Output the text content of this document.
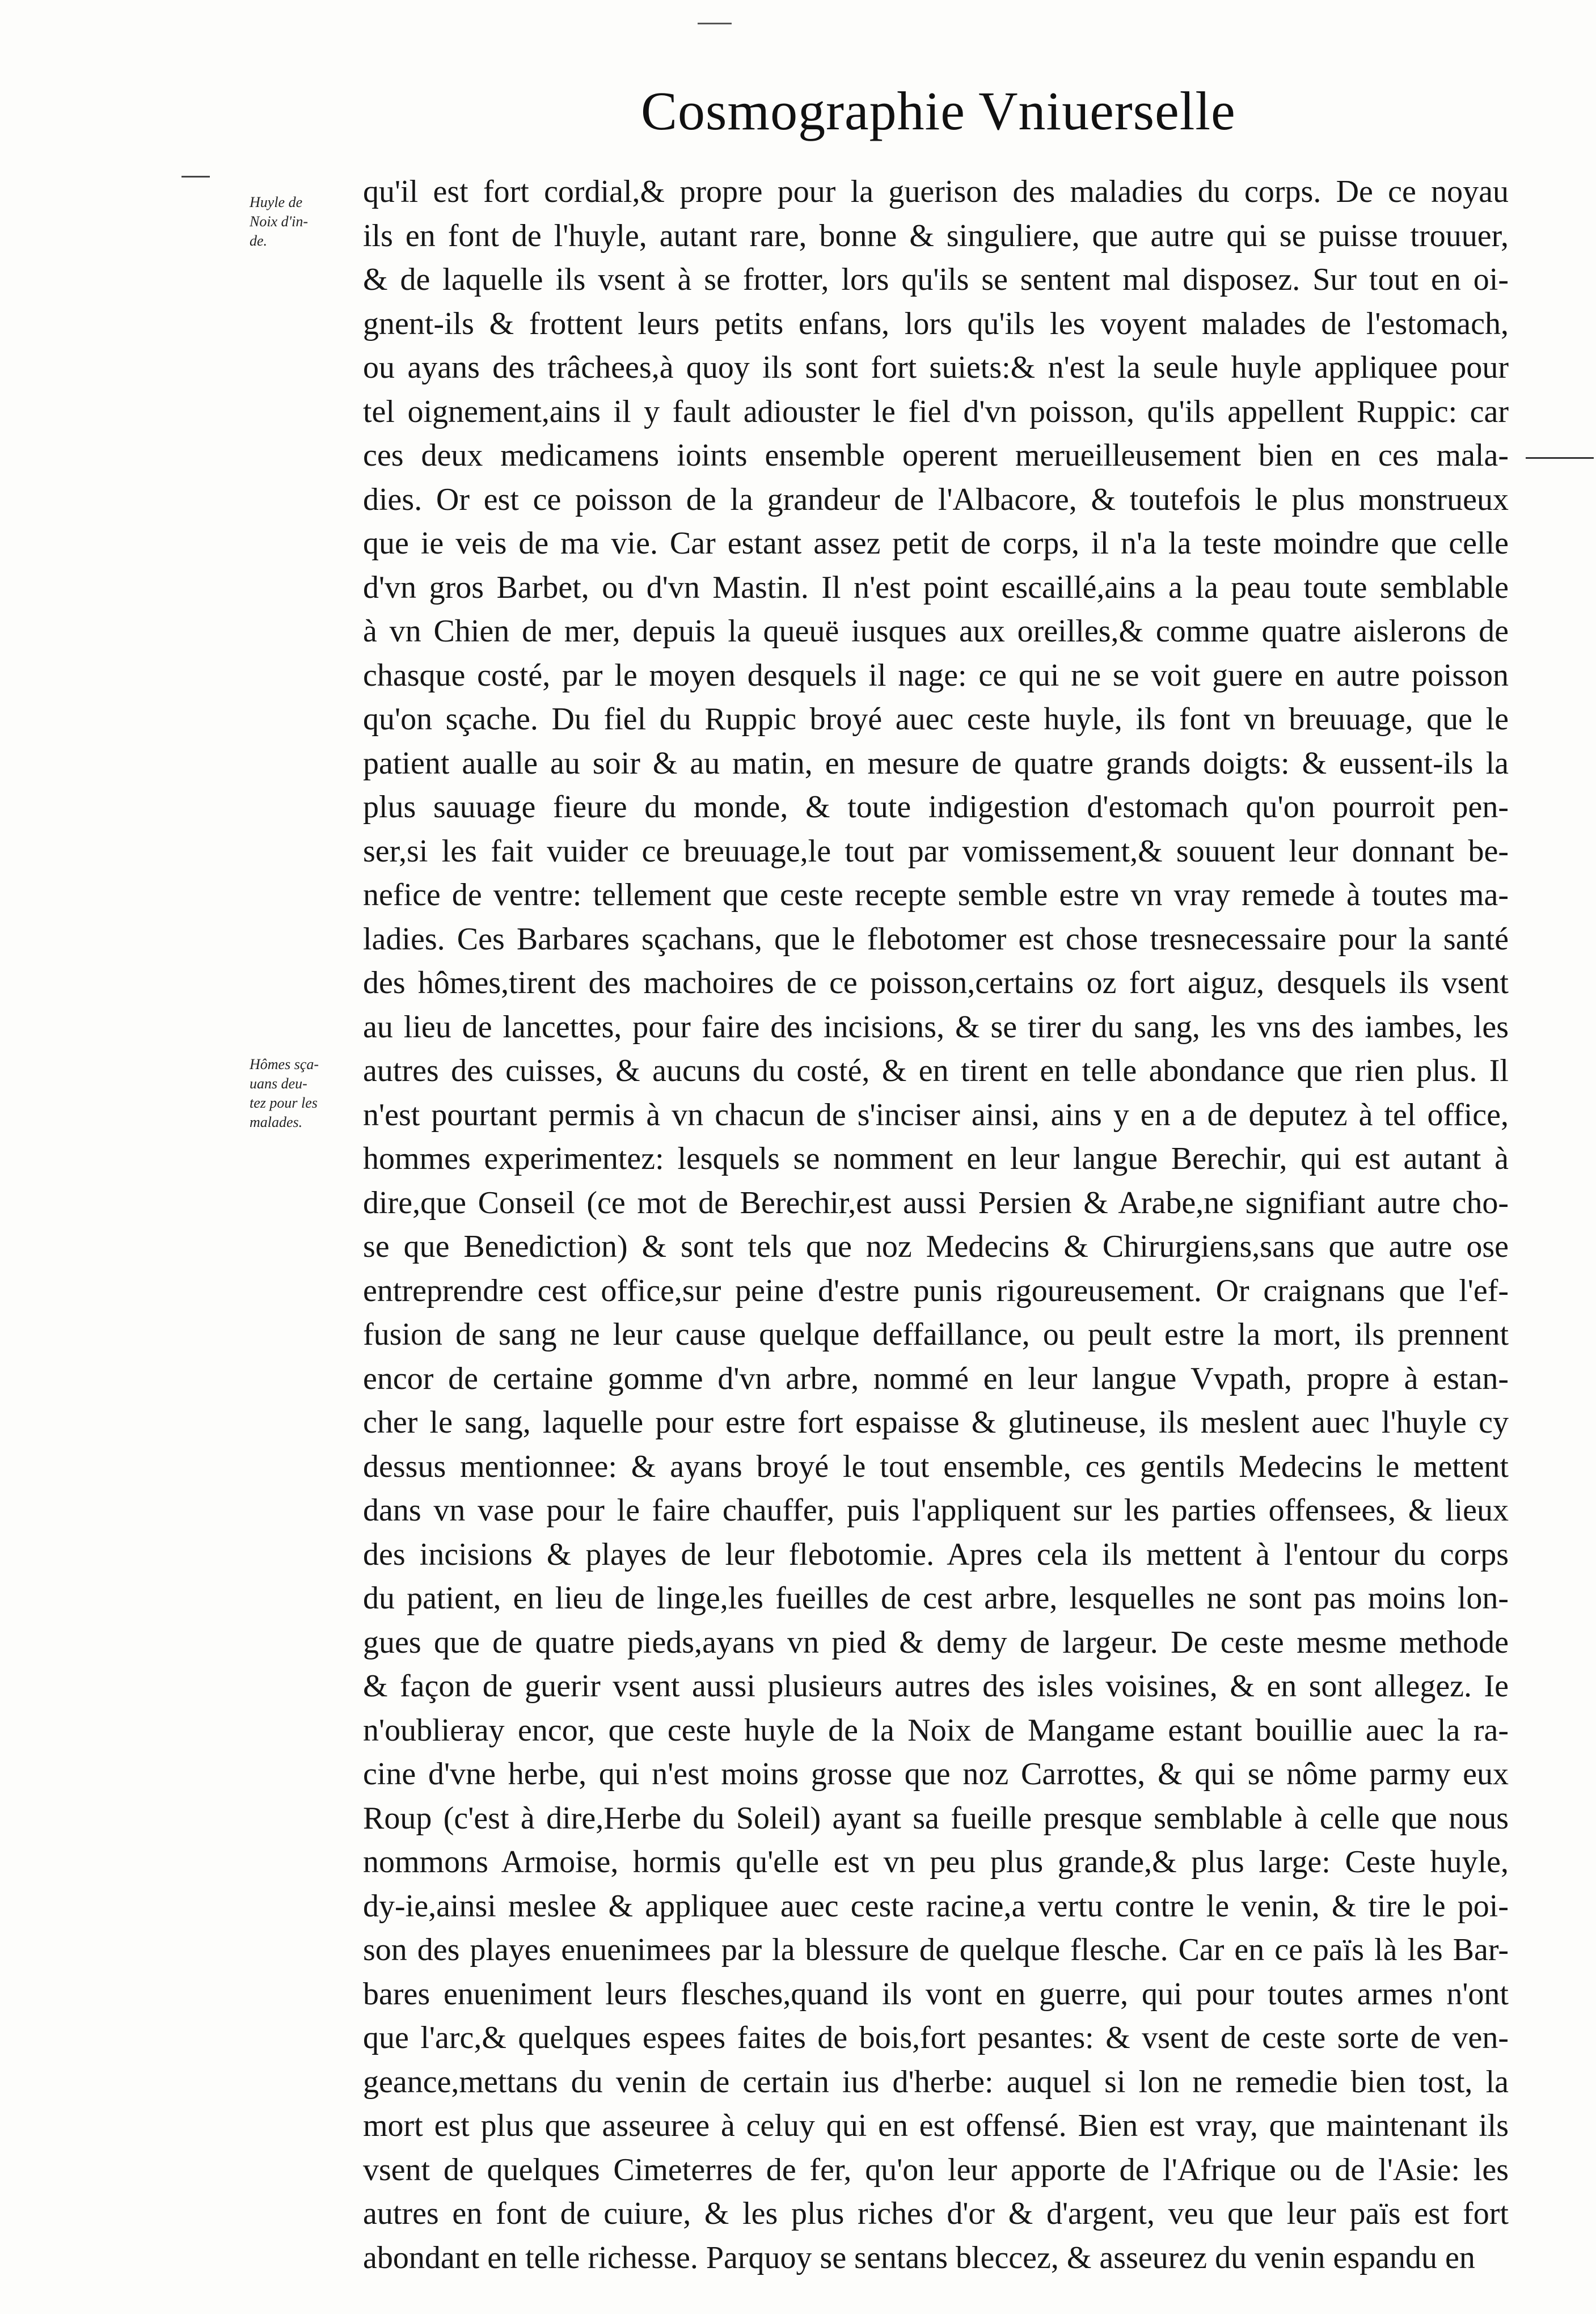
Cosmographie Vniuerselle
Huyle de
Noix d'in-
de.
Hômes sça-
uans deu-
tez pour les
malades.
qu'il est fort cordial,& propre pour la guerison des maladies du corps. De ce noyau
ils en font de l'huyle, autant rare, bonne & singuliere, que autre qui se puisse trouuer,
& de laquelle ils vsent à se frotter, lors qu'ils se sentent mal disposez. Sur tout en oi-
gnent-ils & frottent leurs petits enfans, lors qu'ils les voyent malades de l'estomach,
ou ayans des trâchees,à quoy ils sont fort suiets:& n'est la seule huyle appliquee pour
tel oignement,ains il y fault adiouster le fiel d'vn poisson, qu'ils appellent Ruppic: car
ces deux medicamens ioints ensemble operent merueilleusement bien en ces mala-
dies. Or est ce poisson de la grandeur de l'Albacore, & toutefois le plus monstrueux
que ie veis de ma vie. Car estant assez petit de corps, il n'a la teste moindre que celle
d'vn gros Barbet, ou d'vn Mastin. Il n'est point escaillé,ains a la peau toute semblable
à vn Chien de mer, depuis la queuë iusques aux oreilles,& comme quatre aislerons de
chasque costé, par le moyen desquels il nage: ce qui ne se voit guere en autre poisson
qu'on sçache. Du fiel du Ruppic broyé auec ceste huyle, ils font vn breuuage, que le
patient aualle au soir & au matin, en mesure de quatre grands doigts: & eussent-ils la
plus sauuage fieure du monde, & toute indigestion d'estomach qu'on pourroit pen-
ser,si les fait vuider ce breuuage,le tout par vomissement,& souuent leur donnant be-
nefice de ventre: tellement que ceste recepte semble estre vn vray remede à toutes ma-
ladies. Ces Barbares sçachans, que le flebotomer est chose tresnecessaire pour la santé
des hômes,tirent des machoires de ce poisson,certains oz fort aiguz, desquels ils vsent
au lieu de lancettes, pour faire des incisions, & se tirer du sang, les vns des iambes, les
autres des cuisses, & aucuns du costé, & en tirent en telle abondance que rien plus. Il
n'est pourtant permis à vn chacun de s'inciser ainsi, ains y en a de deputez à tel office,
hommes experimentez: lesquels se nomment en leur langue Berechir, qui est autant à
dire,que Conseil (ce mot de Berechir,est aussi Persien & Arabe,ne signifiant autre cho-
se que Benediction) & sont tels que noz Medecins & Chirurgiens,sans que autre ose
entreprendre cest office,sur peine d'estre punis rigoureusement. Or craignans que l'ef-
fusion de sang ne leur cause quelque deffaillance, ou peult estre la mort, ils prennent
encor de certaine gomme d'vn arbre, nommé en leur langue Vvpath, propre à estan-
cher le sang, laquelle pour estre fort espaisse & glutineuse, ils meslent auec l'huyle cy
dessus mentionnee: & ayans broyé le tout ensemble, ces gentils Medecins le mettent
dans vn vase pour le faire chauffer, puis l'appliquent sur les parties offensees, & lieux
des incisions & playes de leur flebotomie. Apres cela ils mettent à l'entour du corps
du patient, en lieu de linge,les fueilles de cest arbre, lesquelles ne sont pas moins lon-
gues que de quatre pieds,ayans vn pied & demy de largeur. De ceste mesme methode
& façon de guerir vsent aussi plusieurs autres des isles voisines, & en sont allegez. Ie
n'oublieray encor, que ceste huyle de la Noix de Mangame estant bouillie auec la ra-
cine d'vne herbe, qui n'est moins grosse que noz Carrottes, & qui se nôme parmy eux
Roup (c'est à dire,Herbe du Soleil) ayant sa fueille presque semblable à celle que nous
nommons Armoise, hormis qu'elle est vn peu plus grande,& plus large: Ceste huyle,
dy-ie,ainsi meslee & appliquee auec ceste racine,a vertu contre le venin, & tire le poi-
son des playes enuenimees par la blessure de quelque flesche. Car en ce païs là les Bar-
bares enueniment leurs flesches,quand ils vont en guerre, qui pour toutes armes n'ont
que l'arc,& quelques espees faites de bois,fort pesantes: & vsent de ceste sorte de ven-
geance,mettans du venin de certain ius d'herbe: auquel si lon ne remedie bien tost, la
mort est plus que asseuree à celuy qui en est offensé. Bien est vray, que maintenant ils
vsent de quelques Cimeterres de fer, qu'on leur apporte de l'Afrique ou de l'Asie: les
autres en font de cuiure, & les plus riches d'or & d'argent, veu que leur païs est fort
abondant en telle richesse. Parquoy se sentans bleccez, & asseurez du venin espandu en
